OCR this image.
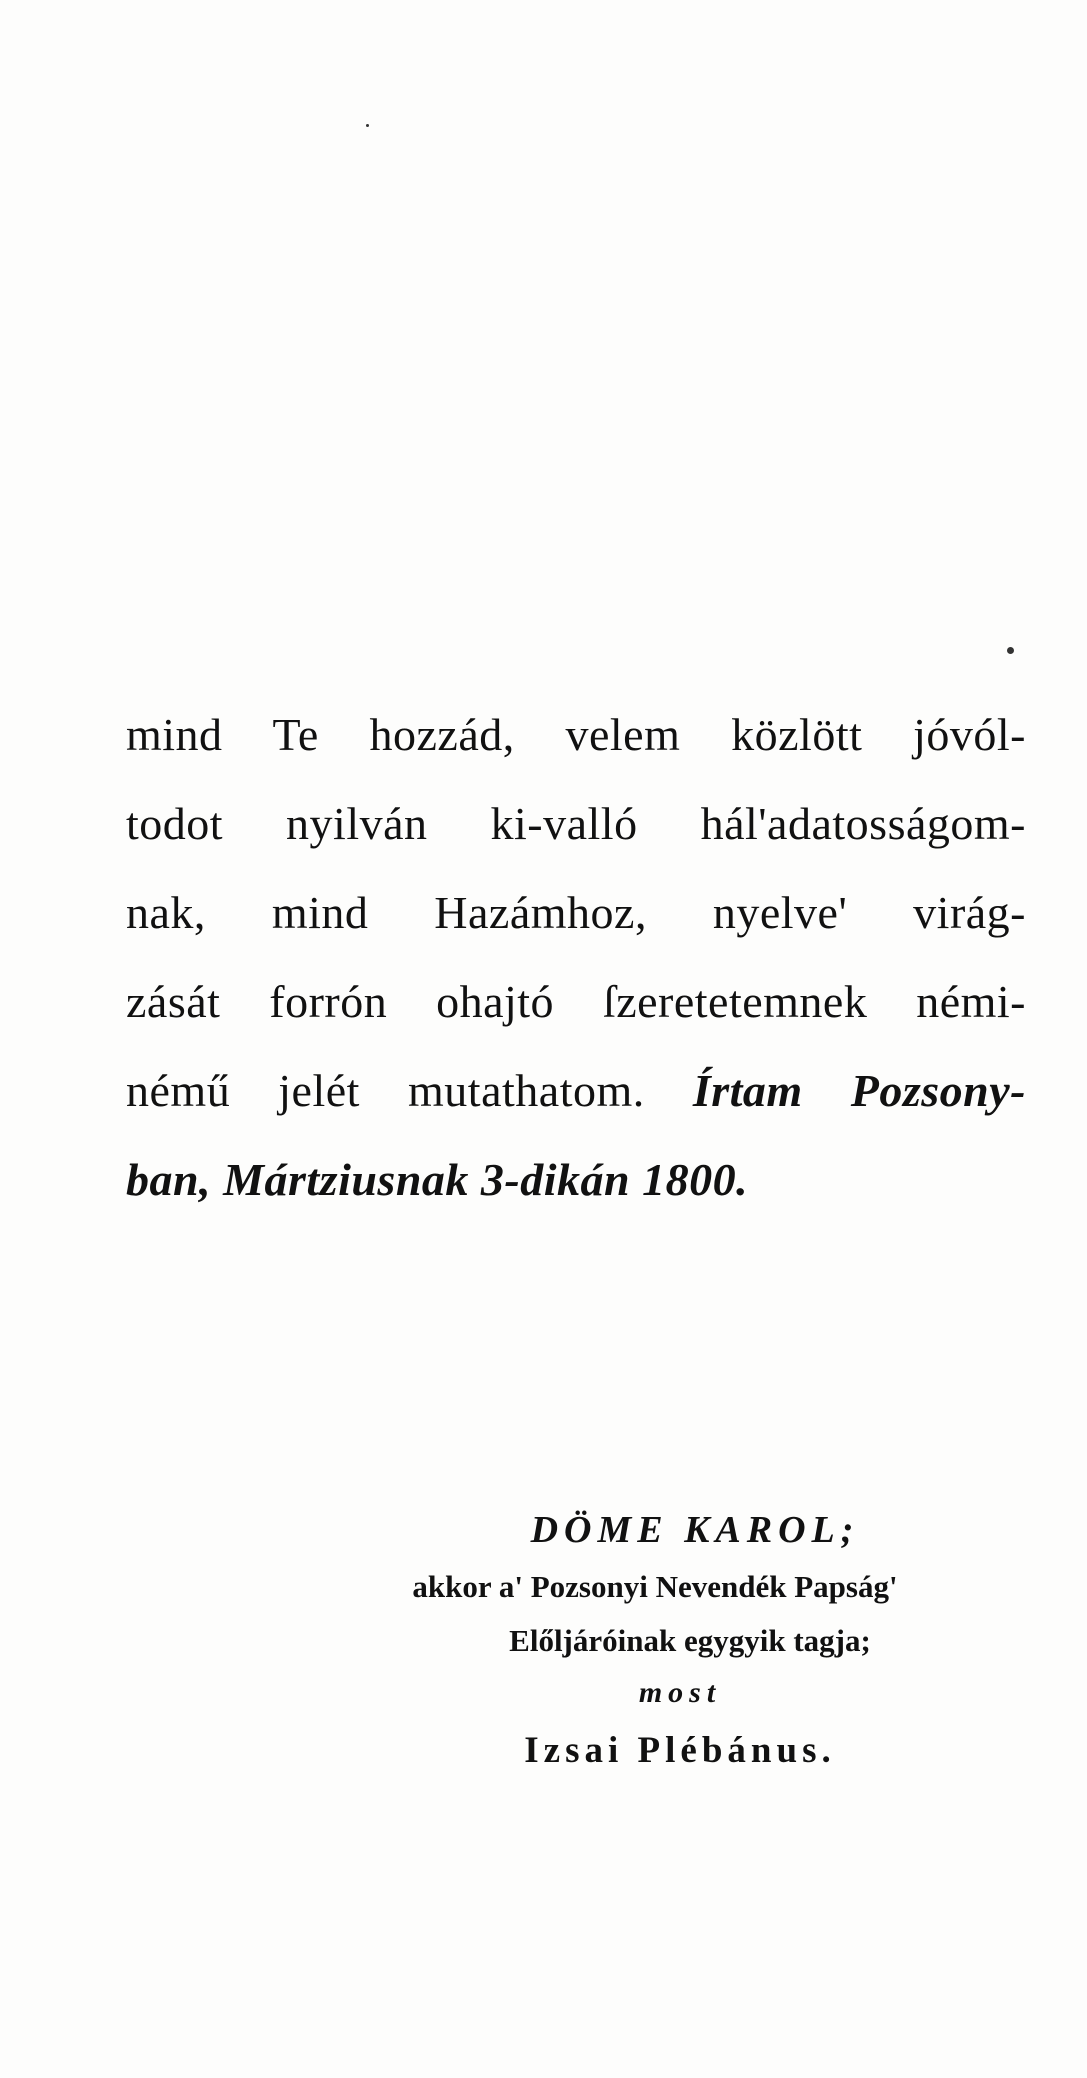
mind Te hozzád, velem közlött jóvól-
todot nyilván ki-valló hál'adatosságom-
nak, mind Hazámhoz, nyelve' virág-
zását forrón ohajtó ſzeretetemnek némi-
némű jelét mutathatom. Írtam Pozsony-
ban, Mártziusnak 3-dikán 1800.
DÖME KAROL;
akkor a' Pozsonyi Nevendék Papság'
Előljáróinak egygyik tagja;
most
Izsai Plébánus.
